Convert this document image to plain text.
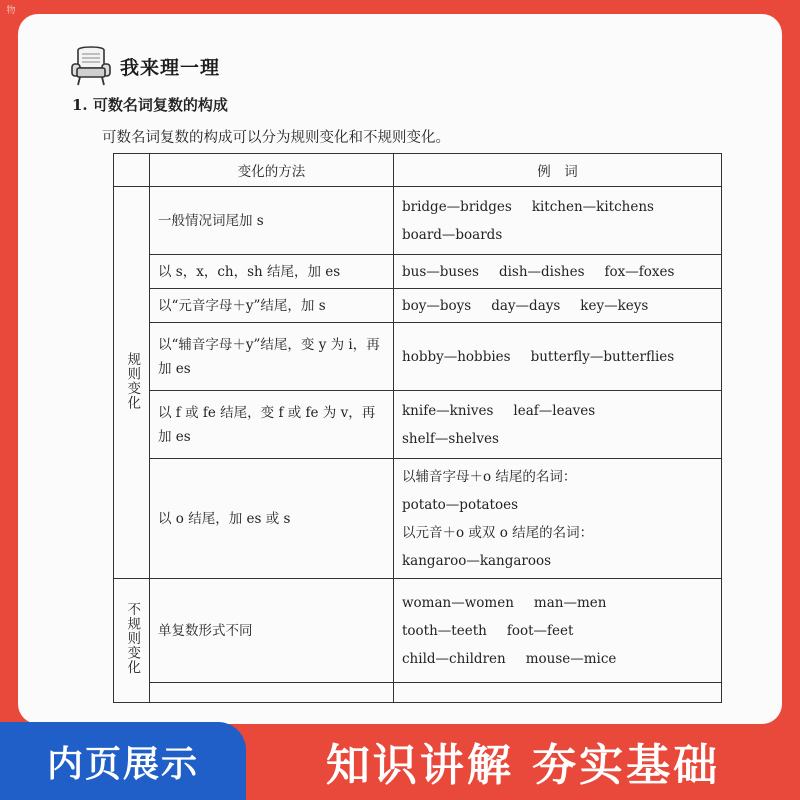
物
我来理一理
1. 可数名词复数的构成
可数名词复数的构成可以分为规则变化和不规则变化。
	变化的方法	例　词
规则变化	一般情况词尾加 s	bridge—bridges kitchen—kitchens
board—boards

	以 s，x，ch，sh 结尾，加 es	bus—buses dish—dishes fox—foxes

	以“元音字母＋y”结尾，加 s	boy—boys day—days key—keys

	以“辅音字母＋y”结尾，变 y 为 i，再加 es	hobby—hobbies butterfly—butterflies

	以 f 或 fe 结尾，变 f 或 fe 为 v，再加 es	knife—knives leaf—leaves
shelf—shelves

	以 o 结尾，加 es 或 s	以辅音字母＋o 结尾的名词：
potato—potatoes
以元音＋o 或双 o 结尾的名词：
kangaroo—kangaroos

不规则变化	单复数形式不同	woman—women man—men
tooth—teeth foot—feet
child—children mouse—mice

内页展示	知识讲解 夯实基础
